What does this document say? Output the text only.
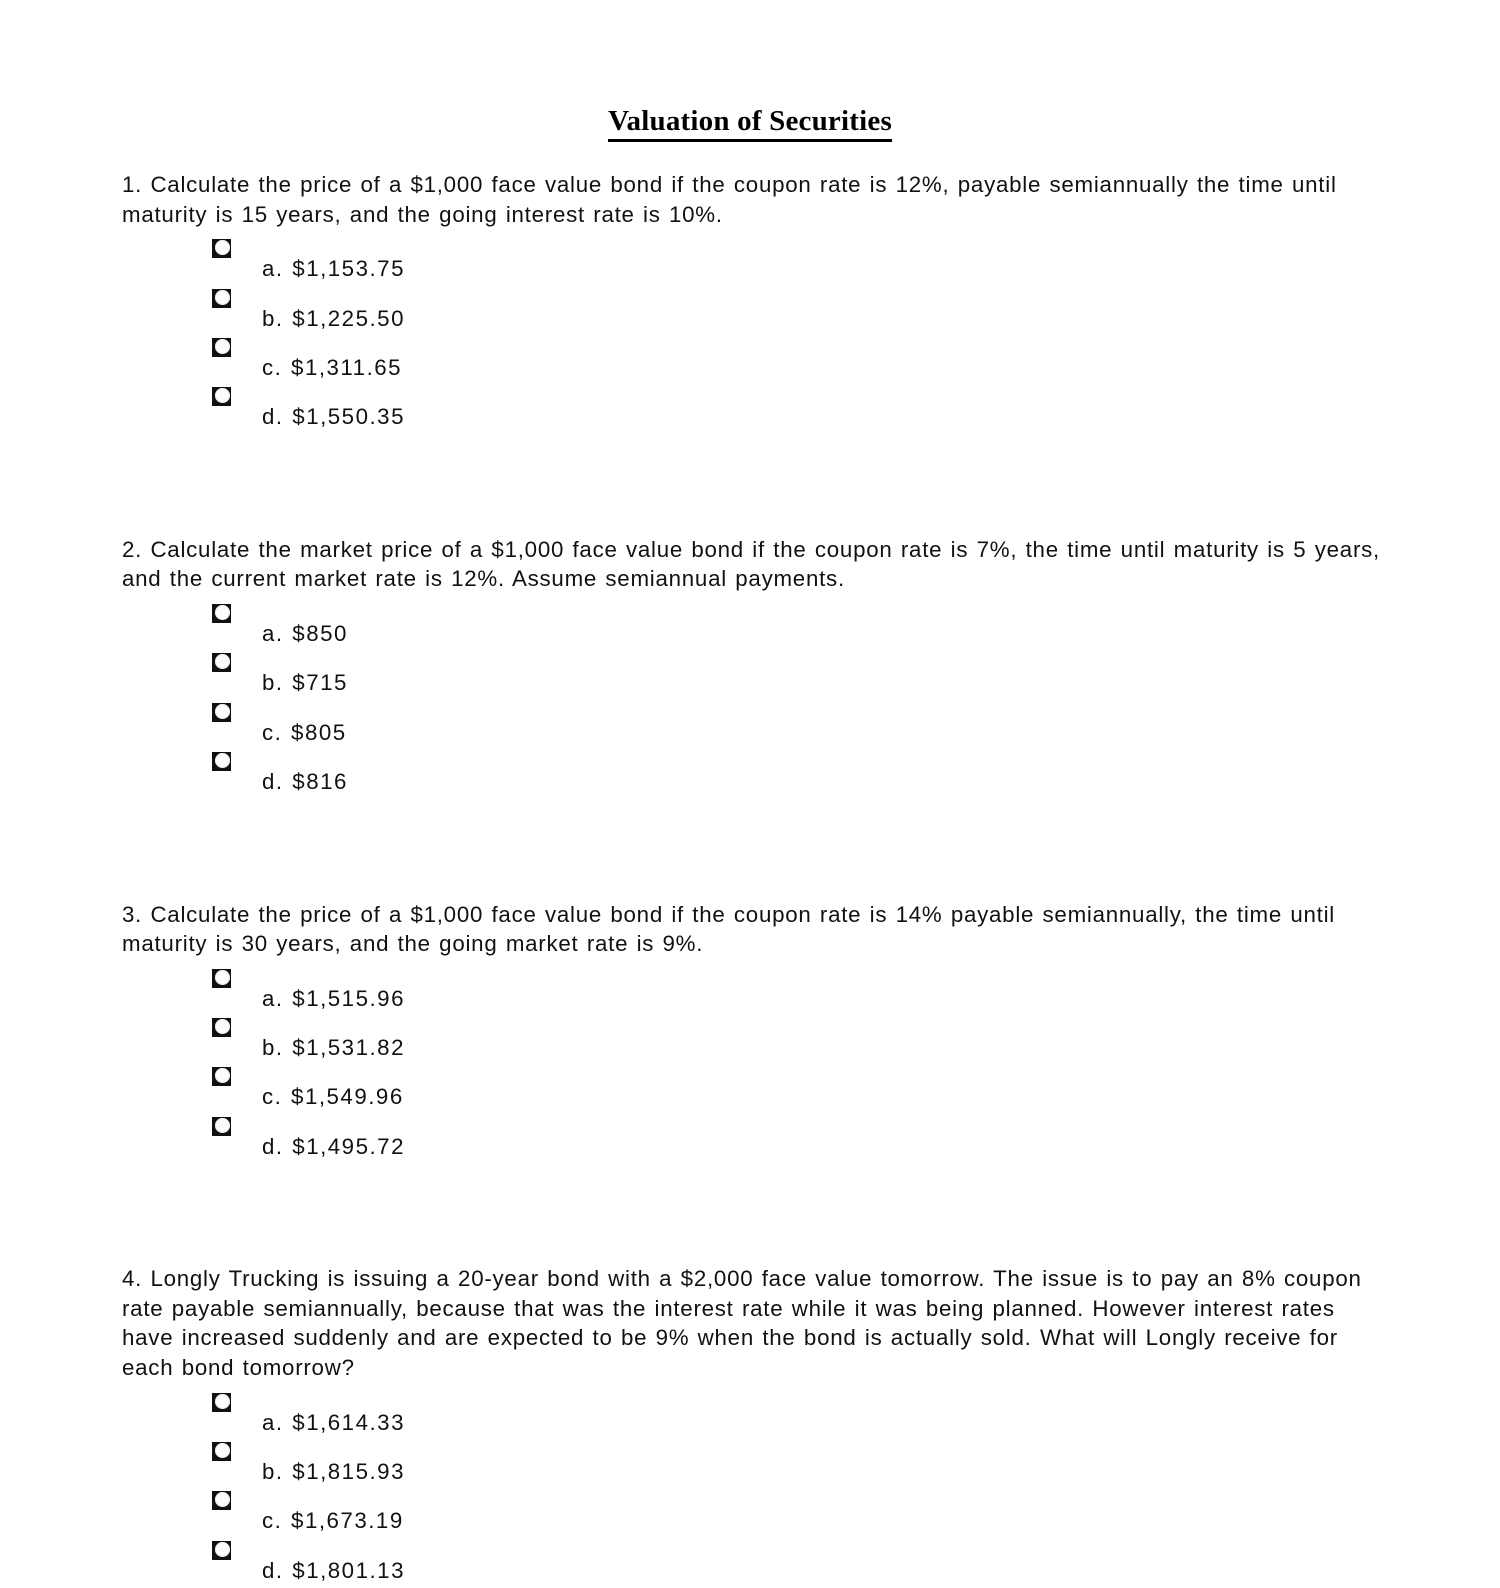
Valuation of Securities

1. Calculate the price of a $1,000 face value bond if the coupon rate is 12%, payable semiannually the time until maturity is 15 years, and the going interest rate is 10%.

a. $1,153.75
b. $1,225.50
c. $1,311.65
d. $1,550.35

2. Calculate the market price of a $1,000 face value bond if the coupon rate is 7%, the time until maturity is 5 years, and the current market rate is 12%. Assume semiannual payments.

a. $850
b. $715
c. $805
d. $816

3. Calculate the price of a $1,000 face value bond if the coupon rate is 14% payable semiannually, the time until maturity is 30 years, and the going market rate is 9%.

a. $1,515.96
b. $1,531.82
c. $1,549.96
d. $1,495.72

4. Longly Trucking is issuing a 20-year bond with a $2,000 face value tomorrow. The issue is to pay an 8% coupon rate payable semiannually, because that was the interest rate while it was being planned. However interest rates have increased suddenly and are expected to be 9% when the bond is actually sold. What will Longly receive for each bond tomorrow?

a. $1,614.33
b. $1,815.93
c. $1,673.19
d. $1,801.13
